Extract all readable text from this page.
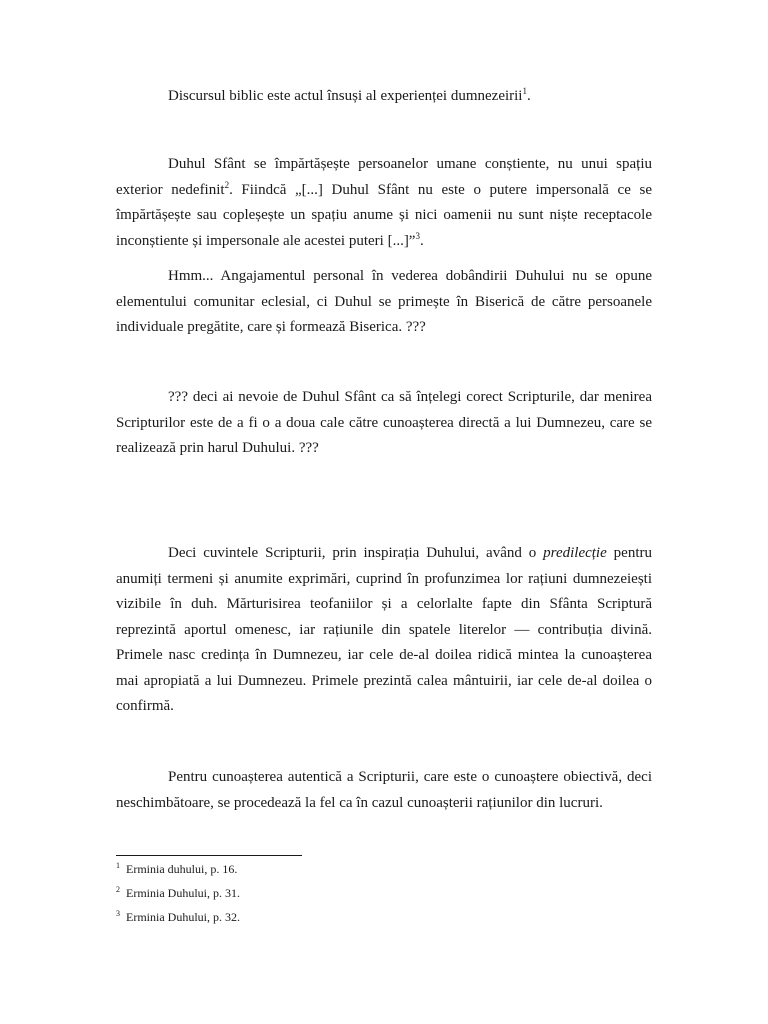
Discursul biblic este actul însuși al experienței dumnezeirii$^1$.

Duhul Sfânt se împărtășește persoanelor umane conștiente, nu unui spațiu exterior nedefinit$^2$. Fiindcă „[...] Duhul Sfânt nu este o putere impersonală ce se împărtășește sau copleșește un spațiu anume și nici oamenii nu sunt niște receptacole inconștiente și impersonale ale acestei puteri [...]”$^3$.

Hmm... Angajamentul personal în vederea dobândirii Duhului nu se opune elementului comunitar eclesial, ci Duhul se primește în Biserică de către persoanele individuale pregătite, care și formează Biserica. ???

??? deci ai nevoie de Duhul Sfânt ca să înțelegi corect Scripturile, dar menirea Scripturilor este de a fi o a doua cale către cunoașterea directă a lui Dumnezeu, care se realizează prin harul Duhului. ???

Deci cuvintele Scripturii, prin inspirația Duhului, având o predilecție pentru anumiți termeni și anumite exprimări, cuprind în profunzimea lor rațiuni dumnezeiești vizibile în duh. Mărturisirea teofaniilor și a celorlalte fapte din Sfânta Scriptură reprezintă aportul omenesc, iar rațiunile din spatele literelor — contribuția divină. Primele nasc credința în Dumnezeu, iar cele de-al doilea ridică mintea la cunoașterea mai apropiată a lui Dumnezeu. Primele prezintă calea mântuirii, iar cele de-al doilea o confirmă.

Pentru cunoașterea autentică a Scripturii, care este o cunoaștere obiectivă, deci neschimbătoare, se procedează la fel ca în cazul cunoașterii rațiunilor din lucruri.

$^1$ Erminia duhului, p. 16.

$^2$ Erminia Duhului, p. 31.

$^3$ Erminia Duhului, p. 32.
